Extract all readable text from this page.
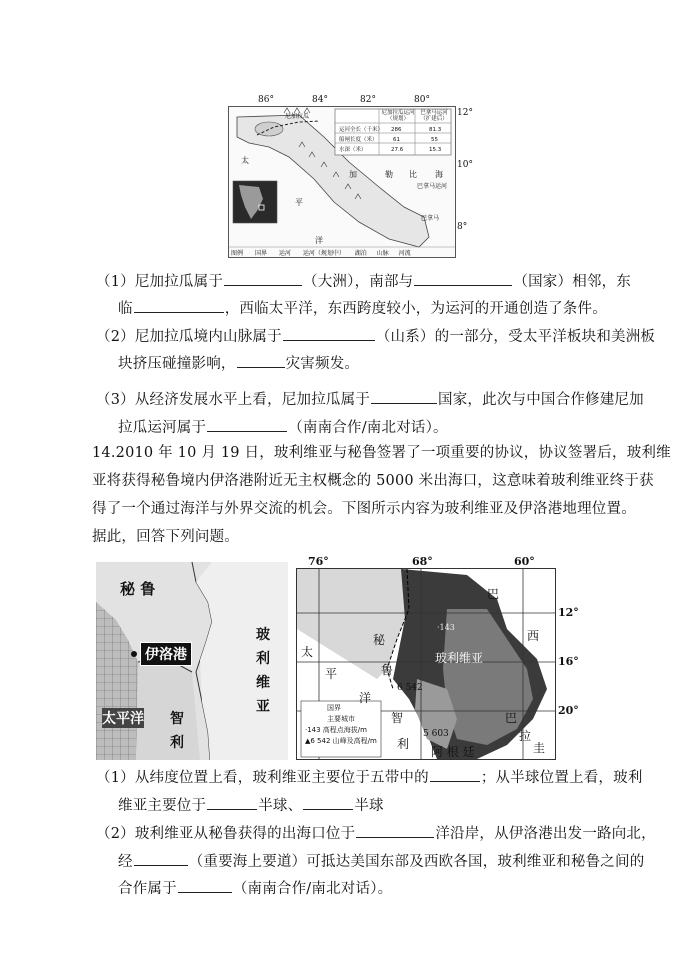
尼加拉瓜运河（规划）
巴拿马运河（扩建后）
运河全长（千米） 286	81.3
船闸长度（米）	61	55
水深（米）	27.6	15.3
太
平
洋
加	勒 比 海
巴拿马运河
巴拿马
尼加拉瓜
图例 国界 运河 运河（规划中） 湖泊 山脉 河流
86°	84°	82°	80°
12°
10°
8°
（1）尼加拉瓜属于	（大洲），南部与	（国家）相邻，东
临	，西临太平洋，东西跨度较小，为运河的开通创造了条件。
（2）尼加拉瓜境内山脉属于	（山系）的一部分，受太平洋板块和美洲板
块挤压碰撞影响，	灾害频发。
（3）从经济发展水平上看，尼加拉瓜属于	国家，此次与中国合作修建尼加
拉瓜运河属于	（南南合作/南北对话）。
14.2010 年 10 月 19 日，玻利维亚与秘鲁签署了一项重要的协议，协议签署后，玻利维
亚将获得秘鲁境内伊洛港附近无主权概念的 5000 米出海口，这意味着玻利维亚终于获
得了一个通过海洋与外界交流的机会。下图所示内容为玻利维亚及伊洛港地理位置。
据此，回答下列问题。
秘 鲁
伊洛港
太平洋 智
利
玻
利
维
亚
76°	68°	60°
12°
16°
20°
巴
西
太
秘
平	鲁
洋
智
利
玻利维亚
巴
拉
圭
阿 根 廷
6 542
5 603
·143
国界
主要城市
·143 高程点海拔/m
▲6 542 山峰及高程/m
（1）从纬度位置上看，玻利维亚主要位于五带中的	；从半球位置上看，玻利
维亚主要位于	半球、	半球
（2）玻利维亚从秘鲁获得的出海口位于	洋沿岸，从伊洛港出发一路向北，
经	（重要海上要道）可抵达美国东部及西欧各国，玻利维亚和秘鲁之间的
合作属于	（南南合作/南北对话）。
